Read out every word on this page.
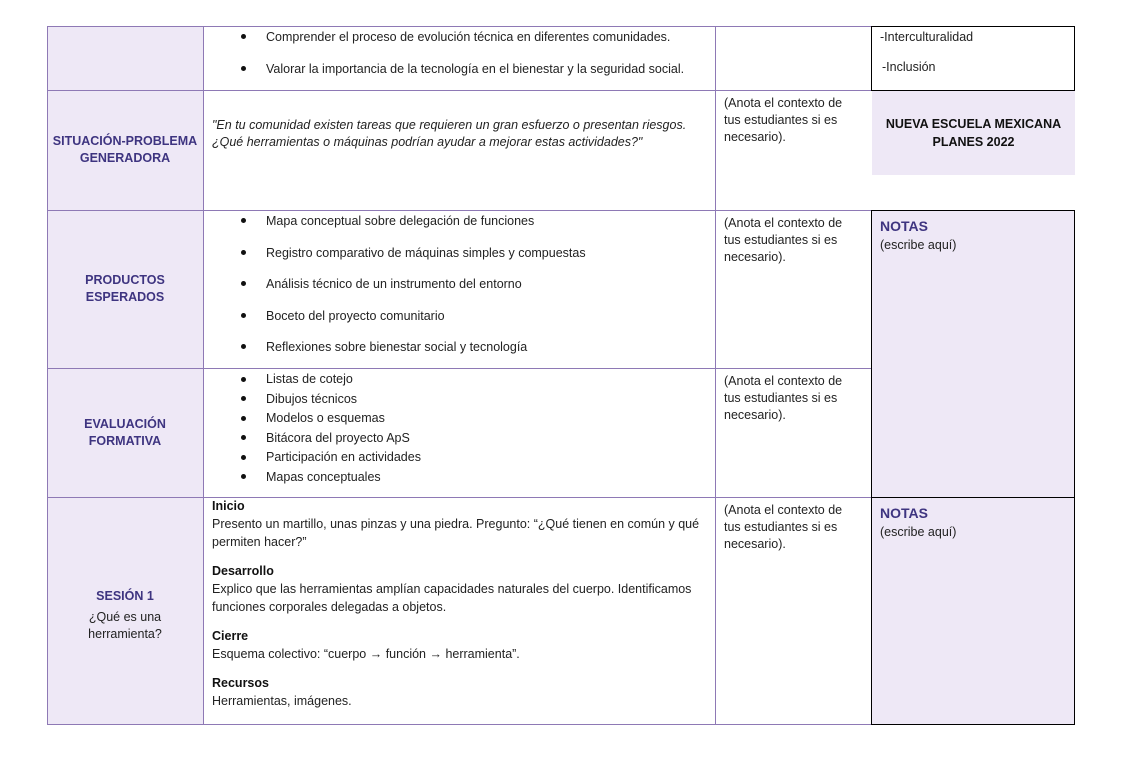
SITUACIÓN-PROBLEMA
GENERADORA
PRODUCTOS
ESPERADOS
EVALUACIÓN
FORMATIVA
SESIÓN 1
¿Qué es una herramienta?
-Interculturalidad
-Inclusión
NUEVA ESCUELA MEXICANA
PLANES 2022
NOTAS
(escribe aquí)
NOTAS
(escribe aquí)
Comprender el proceso de evolución técnica en diferentes comunidades.
Valorar la importancia de la tecnología en el bienestar y la seguridad social.
"En tu comunidad existen tareas que requieren un gran esfuerzo o presentan riesgos. ¿Qué herramientas o máquinas podrían ayudar a mejorar estas actividades?"
(Anota el contexto de tus estudiantes si es necesario).
Mapa conceptual sobre delegación de funciones
Registro comparativo de máquinas simples y compuestas
Análisis técnico de un instrumento del entorno
Boceto del proyecto comunitario
Reflexiones sobre bienestar social y tecnología
(Anota el contexto de tus estudiantes si es necesario).
Listas de cotejo
Dibujos técnicos
Modelos o esquemas
Bitácora del proyecto ApS
Participación en actividades
Mapas conceptuales
(Anota el contexto de tus estudiantes si es necesario).
Inicio
Presento un martillo, unas pinzas y una piedra. Pregunto: “¿Qué tienen en común y qué permiten hacer?”
Desarrollo
Explico que las herramientas amplían capacidades naturales del cuerpo. Identificamos funciones corporales delegadas a objetos.
Cierre
Esquema colectivo: “cuerpo → función → herramienta”.
Recursos
Herramientas, imágenes.
(Anota el contexto de tus estudiantes si es necesario).
